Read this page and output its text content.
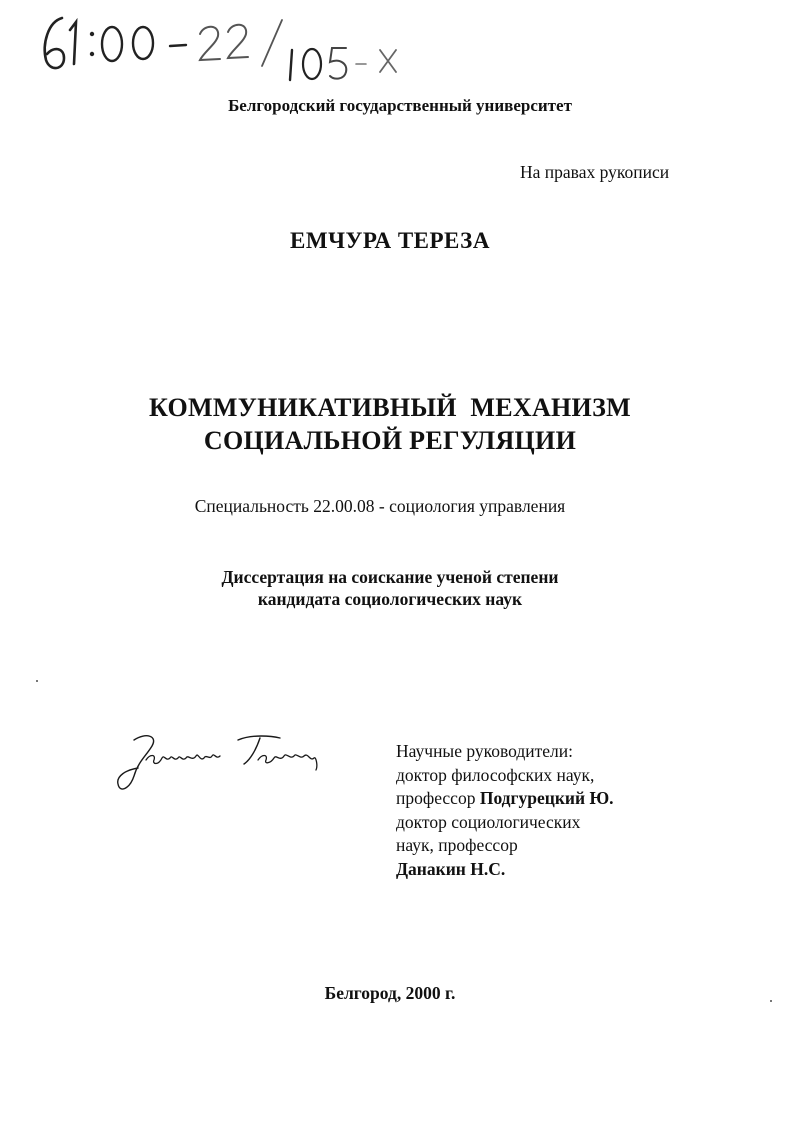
Белгородский государственный университет
На правах рукописи
ЕМЧУРА ТЕРЕЗА
КОММУНИКАТИВНЫЙ  МЕХАНИЗМ
СОЦИАЛЬНОЙ РЕГУЛЯЦИИ
Специальность 22.00.08 - социология управления
Диссертация на соискание ученой степени
кандидата социологических наук
Научные руководители:
доктор философских наук,
профессор Подгурецкий Ю.
доктор социологических
наук, профессор
Данакин Н.С.
Белгород, 2000 г.
